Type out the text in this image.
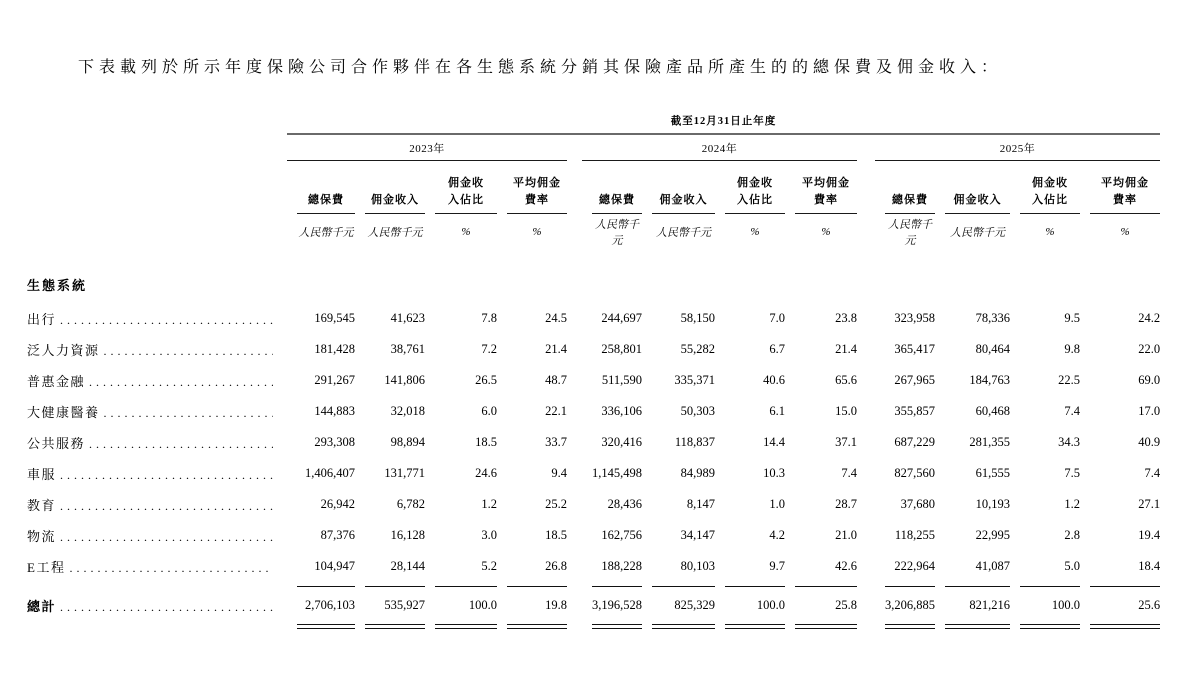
下表載列於所示年度保險公司合作夥伴在各生態系統分銷其保險產品所產生的的總保費及佣金收入：

	截至12月31日止年度													

	2023年					2024年					2025年			

	總保費	佣金收入	佣金收
入佔比	平均佣金
費率		總保費	佣金收入	佣金收
入佔比	平均佣金
費率		總保費	佣金收入	佣金收
入佔比	平均佣金
費率

	人民幣千元	人民幣千元	%	%		人民幣千元	人民幣千元	%	%		人民幣千元	人民幣千元	%	%

生態系統														

出行
.....	169,545	41,623	7.8	24.5		244,697	58,150	7.0	23.8		323,958	78,336	9.5	24.2

泛人力資源
.....	181,428	38,761	7.2	21.4		258,801	55,282	6.7	21.4		365,417	80,464	9.8	22.0

普惠金融
.....	291,267	141,806	26.5	48.7		511,590	335,371	40.6	65.6		267,965	184,763	22.5	69.0

大健康醫養
.....	144,883	32,018	6.0	22.1		336,106	50,303	6.1	15.0		355,857	60,468	7.4	17.0

公共服務
.....	293,308	98,894	18.5	33.7		320,416	118,837	14.4	37.1		687,229	281,355	34.3	40.9

車服
.....	1,406,407	131,771	24.6	9.4		1,145,498	84,989	10.3	7.4		827,560	61,555	7.5	7.4

教育
.....	26,942	6,782	1.2	25.2		28,436	8,147	1.0	28.7		37,680	10,193	1.2	27.1

物流
.....	87,376	16,128	3.0	18.5		162,756	34,147	4.2	21.0		118,255	22,995	2.8	19.4

E工程
.....	104,947	28,144	5.2	26.8		188,228	80,103	9.7	42.6		222,964	41,087	5.0	18.4

總計
.....	2,706,103	535,927	100.0	19.8		3,196,528	825,329	100.0	25.8		3,206,885	821,216	100.0	25.6
